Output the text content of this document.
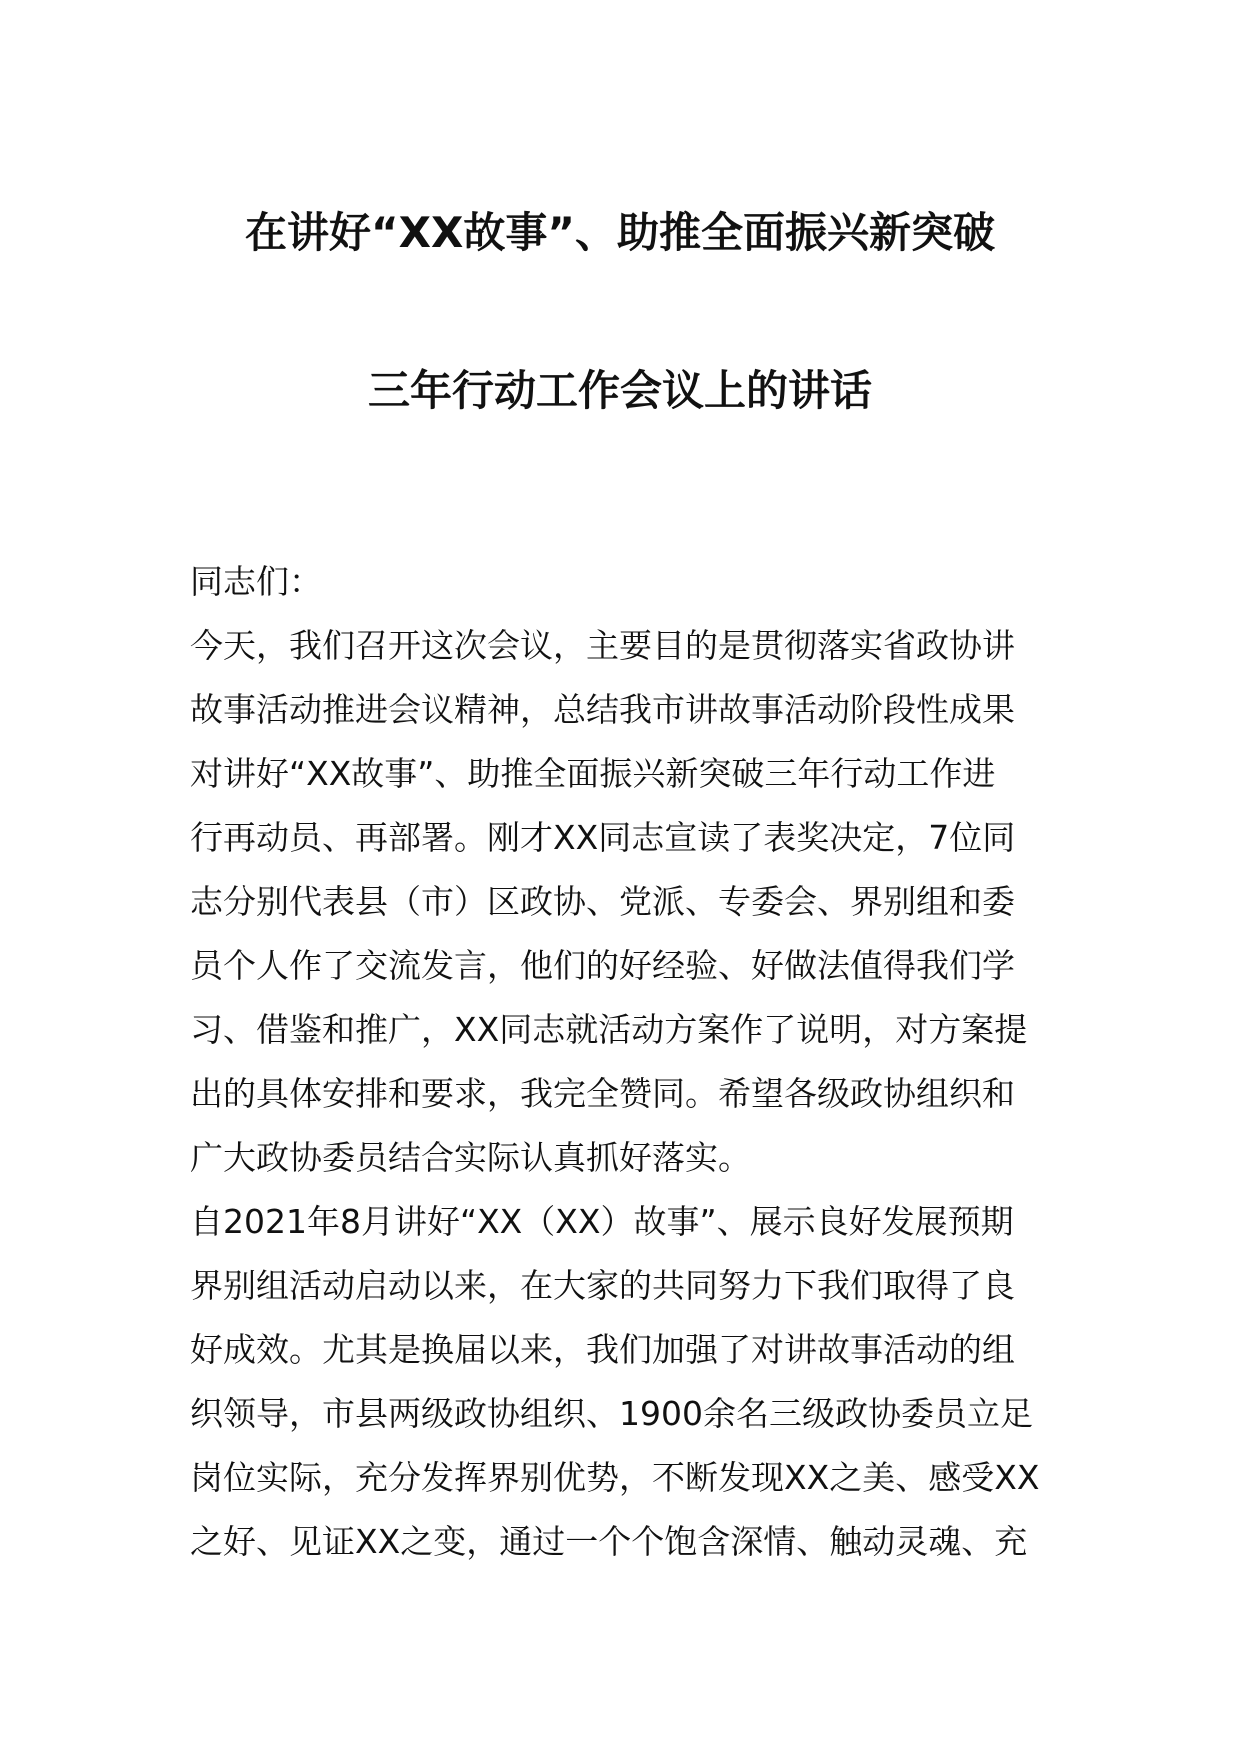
在讲好“XX故事”、助推全面振兴新突破
三年行动工作会议上的讲话
同志们：
今天，我们召开这次会议，主要目的是贯彻落实省政协讲
故事活动推进会议精神，总结我市讲故事活动阶段性成果
对讲好“XX故事”、助推全面振兴新突破三年行动工作进
行再动员、再部署。刚才XX同志宣读了表奖决定，7位同
志分别代表县（市）区政协、党派、专委会、界别组和委
员个人作了交流发言，他们的好经验、好做法值得我们学
习、借鉴和推广，XX同志就活动方案作了说明，对方案提
出的具体安排和要求，我完全赞同。希望各级政协组织和
广大政协委员结合实际认真抓好落实。
自2021年8月讲好“XX（XX）故事”、展示良好发展预期
界别组活动启动以来，在大家的共同努力下我们取得了良
好成效。尤其是换届以来，我们加强了对讲故事活动的组
织领导，市县两级政协组织、1900余名三级政协委员立足
岗位实际，充分发挥界别优势，不断发现XX之美、感受XX
之好、见证XX之变，通过一个个饱含深情、触动灵魂、充
